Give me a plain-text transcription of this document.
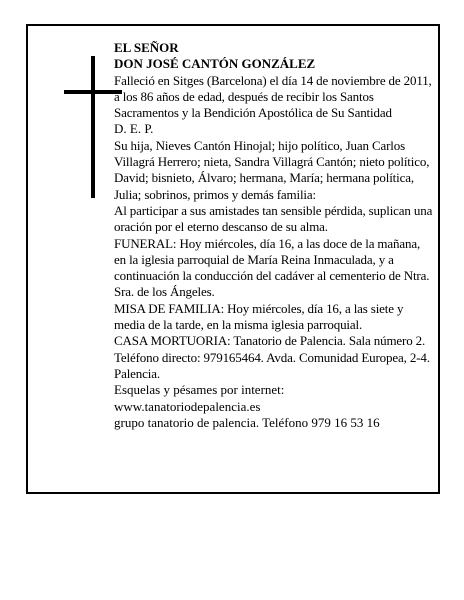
EL SEÑOR

DON JOSÉ CANTÓN GONZÁLEZ

Falleció en Sitges (Barcelona) el día 14 de noviembre de 2011, a los 86 años de edad, después de recibir los Santos Sacramentos y la Bendición Apostólica de Su Santidad

D. E. P.

Su hija, Nieves Cantón Hinojal; hijo político, Juan Carlos Villagrá Herrero; nieta, Sandra Villagrá Cantón; nieto político, David; bisnieto, Álvaro; hermana, María; hermana política, Julia; sobrinos, primos y demás familia:

Al participar a sus amistades tan sensible pérdida, suplican una oración por el eterno descanso de su alma.

FUNERAL: Hoy miércoles, día 16, a las doce de la mañana, en la iglesia parroquial de María Reina Inmaculada, y a continuación la conducción del cadáver al cementerio de Ntra. Sra. de los Ángeles.

MISA DE FAMILIA: Hoy miércoles, día 16, a las siete y media de la tarde, en la misma iglesia parroquial.

CASA MORTUORIA: Tanatorio de Palencia. Sala número 2. Teléfono directo: 979165464. Avda. Comunidad Europea, 2-4. Palencia.

Esquelas y pésames por internet:

www.tanatoriodepalencia.es

grupo tanatorio de palencia. Teléfono 979 16 53 16
